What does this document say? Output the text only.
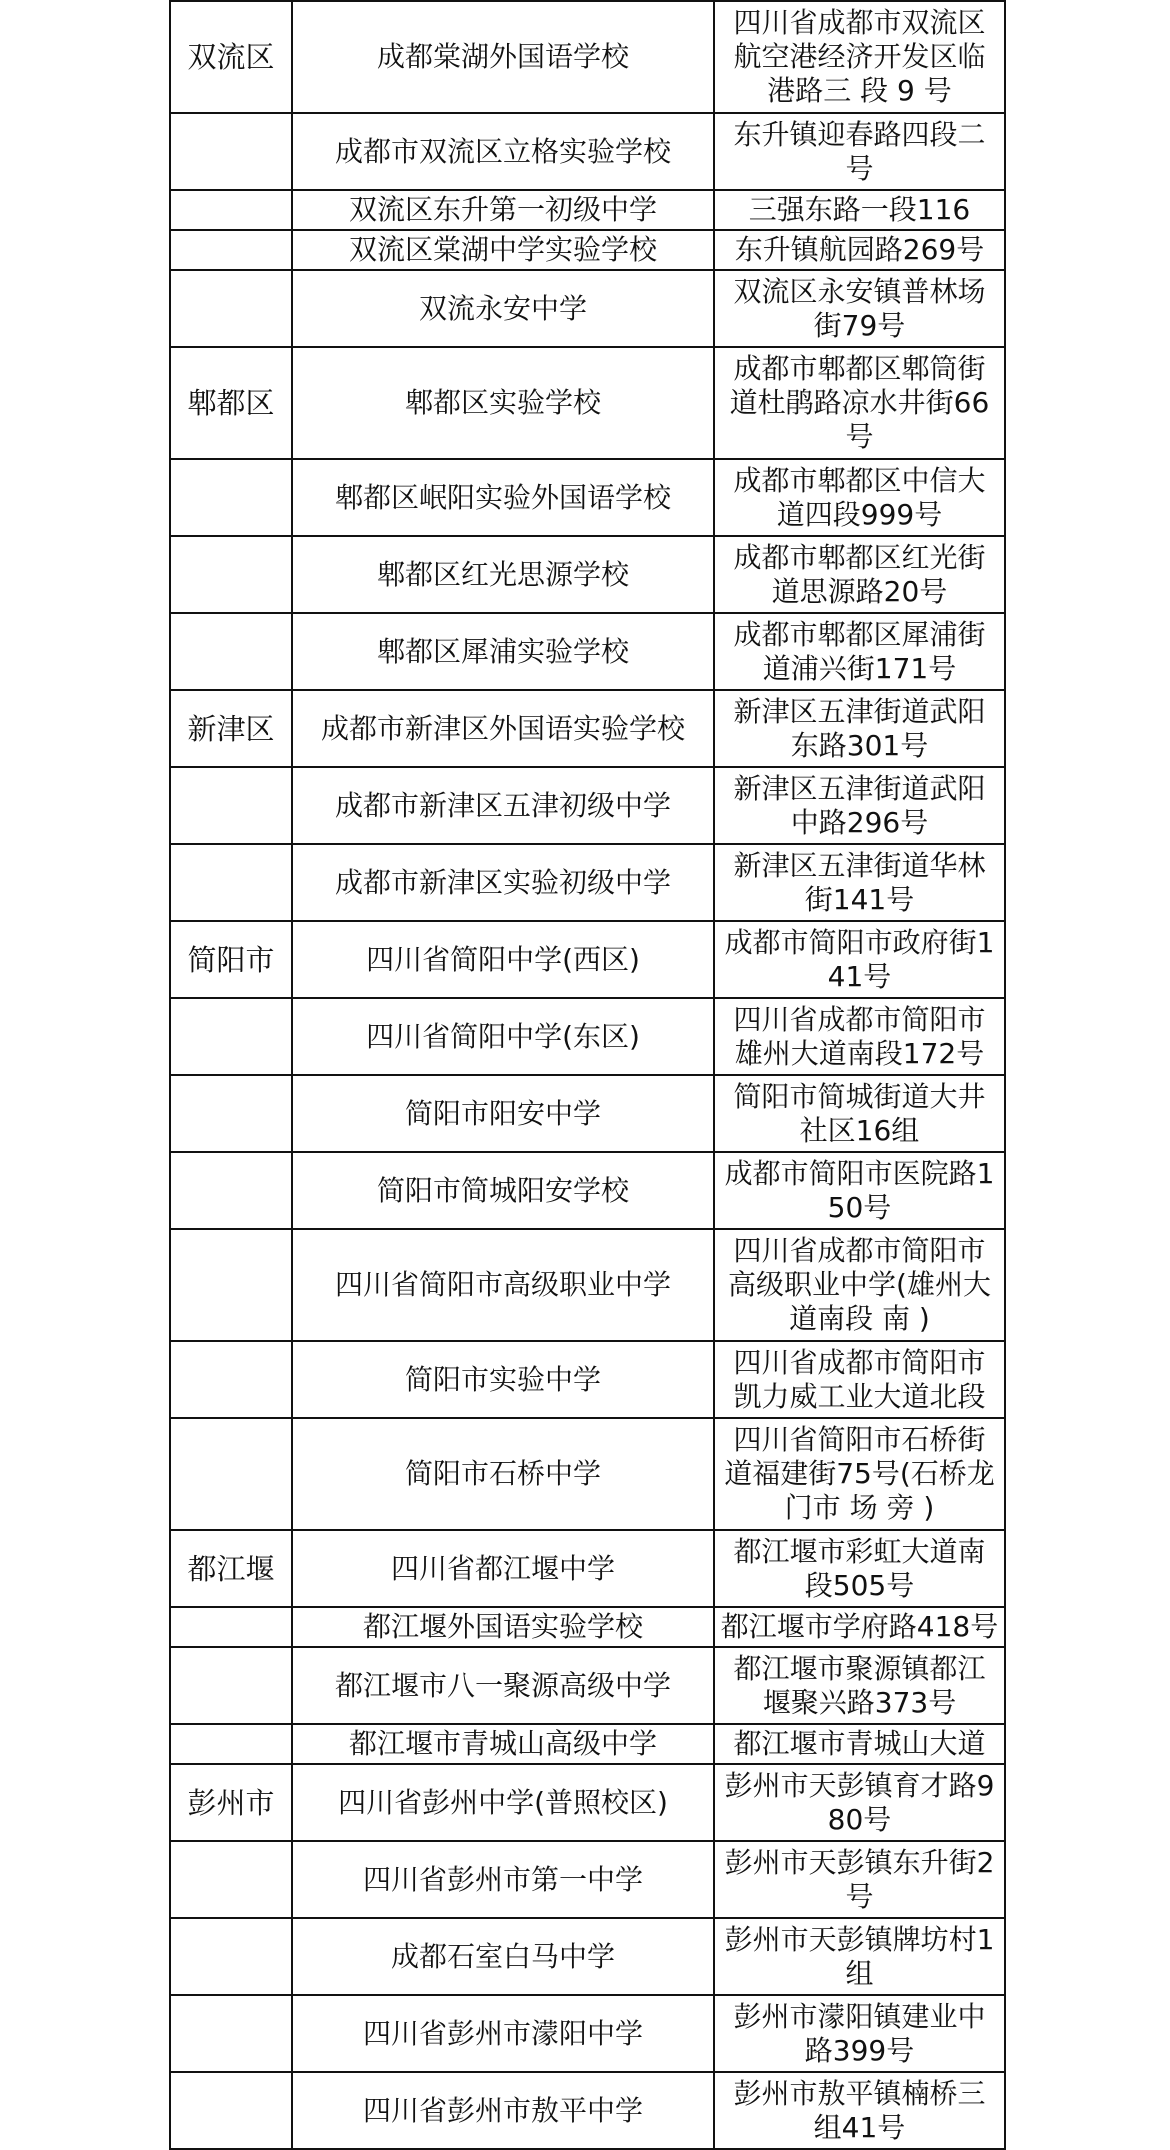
双流区	成都棠湖外国语学校	四川省成都市双流区航空港经济开发区临港路三 段 9 号
	成都市双流区立格实验学校	东升镇迎春路四段二号
	双流区东升第一初级中学	三强东路一段116
	双流区棠湖中学实验学校	东升镇航园路269号
	双流永安中学	双流区永安镇普林场街79号
郫都区	郫都区实验学校	成都市郫都区郫筒街道杜鹃路凉水井街66号
	郫都区岷阳实验外国语学校	成都市郫都区中信大道四段999号
	郫都区红光思源学校	成都市郫都区红光街道思源路20号
	郫都区犀浦实验学校	成都市郫都区犀浦街道浦兴街171号
新津区	成都市新津区外国语实验学校	新津区五津街道武阳东路301号
	成都市新津区五津初级中学	新津区五津街道武阳中路296号
	成都市新津区实验初级中学	新津区五津街道华林街141号
简阳市	四川省简阳中学(西区)	成都市简阳市政府街141号
	四川省简阳中学(东区)	四川省成都市简阳市雄州大道南段172号
	简阳市阳安中学	简阳市简城街道大井社区16组
	简阳市简城阳安学校	成都市简阳市医院路150号
	四川省简阳市高级职业中学	四川省成都市简阳市高级职业中学(雄州大道南段 南 )
	简阳市实验中学	四川省成都市简阳市凯力威工业大道北段
	简阳市石桥中学	四川省简阳市石桥街道福建街75号(石桥龙门市 场 旁 )
都江堰	四川省都江堰中学	都江堰市彩虹大道南段505号
	都江堰外国语实验学校	都江堰市学府路418号
	都江堰市八一聚源高级中学	都江堰市聚源镇都江堰聚兴路373号
	都江堰市青城山高级中学	都江堰市青城山大道
彭州市	四川省彭州中学(普照校区)	彭州市天彭镇育才路980号
	四川省彭州市第一中学	彭州市天彭镇东升街2号
	成都石室白马中学	彭州市天彭镇牌坊村1组
	四川省彭州市濛阳中学	彭州市濛阳镇建业中路399号
	四川省彭州市敖平中学	彭州市敖平镇楠桥三组41号
